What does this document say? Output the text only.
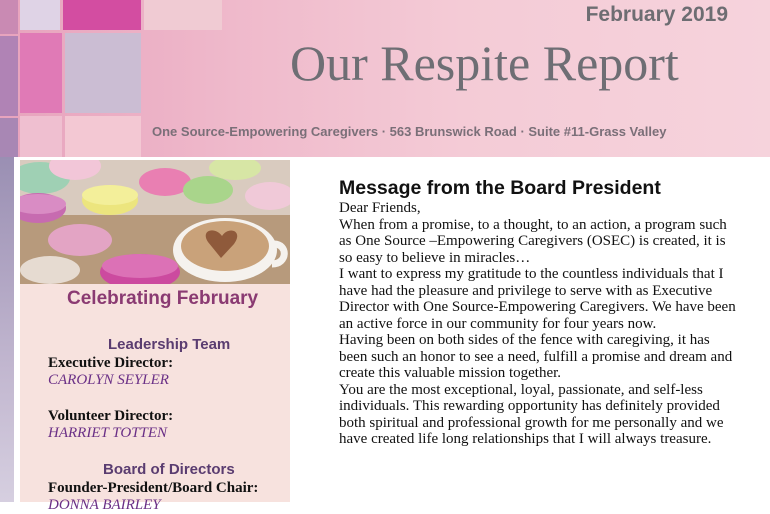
February 2019
Our Respite Report
One Source-Empowering Caregivers · 563 Brunswick Road · Suite #11-Grass Valley
Celebrating February
Leadership Team
Executive Director:
CAROLYN SEYLER
Volunteer Director:
HARRIET TOTTEN
Board of Directors
Founder-President/Board Chair:
DONNA BAIRLEY
Message from the Board President

Dear Friends,

When from a promise, to a thought, to an action, a program such as One Source –Empowering Caregivers (OSEC) is created, it is so easy to believe in miracles…

I want to express my gratitude to the countless individuals that I have had the pleasure and privilege to serve with as Executive Director with One Source-Empowering Caregivers. We have been an active force in our community for four years now.

Having been on both sides of the fence with caregiving, it has been such an honor to see a need, fulfill a promise and dream and create this valuable mission together.

You are the most exceptional, loyal, passionate, and self-less individuals. This rewarding opportunity has definitely provided both spiritual and professional growth for me personally and we have created life long relationships that I will always treasure.
